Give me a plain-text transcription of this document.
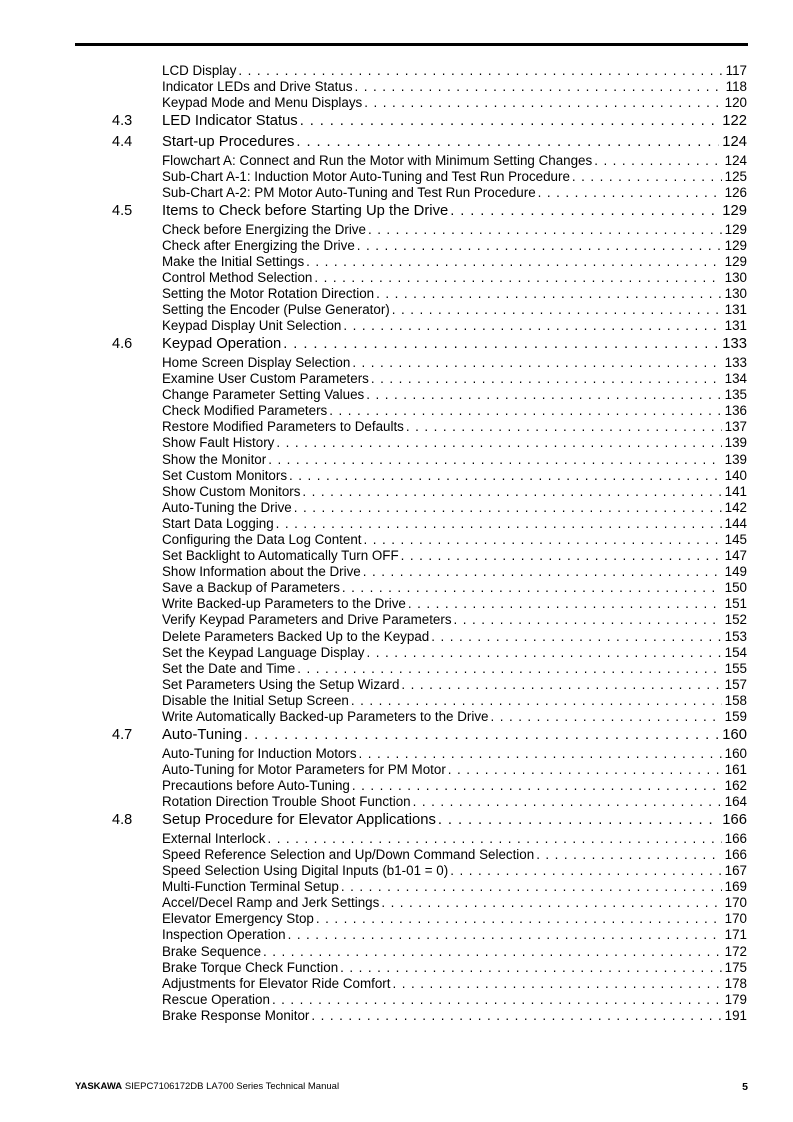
LCD Display . . .	117
Indicator LEDs and Drive Status . . .	118
Keypad Mode and Menu Displays . . .	120
4.3 LED Indicator Status . . .	122
4.4 Start-up Procedures . . .	124
Flowchart A: Connect and Run the Motor with Minimum Setting Changes . . .	124
Sub-Chart A-1: Induction Motor Auto-Tuning and Test Run Procedure . . .	125
Sub-Chart A-2: PM Motor Auto-Tuning and Test Run Procedure . . .	126
4.5 Items to Check before Starting Up the Drive . . .	129
Check before Energizing the Drive . . .	129
Check after Energizing the Drive . . .	129
Make the Initial Settings . . .	129
Control Method Selection . . .	130
Setting the Motor Rotation Direction . . .	130
Setting the Encoder (Pulse Generator) . . .	131
Keypad Display Unit Selection . . .	131
4.6 Keypad Operation . . .	133
Home Screen Display Selection . . .	133
Examine User Custom Parameters . . .	134
Change Parameter Setting Values . . .	135
Check Modified Parameters . . .	136
Restore Modified Parameters to Defaults . . .	137
Show Fault History . . .	139
Show the Monitor . . .	139
Set Custom Monitors . . .	140
Show Custom Monitors . . .	141
Auto-Tuning the Drive . . .	142
Start Data Logging . . .	144
Configuring the Data Log Content . . .	145
Set Backlight to Automatically Turn OFF . . .	147
Show Information about the Drive . . .	149
Save a Backup of Parameters . . .	150
Write Backed-up Parameters to the Drive . . .	151
Verify Keypad Parameters and Drive Parameters . . .	152
Delete Parameters Backed Up to the Keypad . . .	153
Set the Keypad Language Display . . .	154
Set the Date and Time . . .	155
Set Parameters Using the Setup Wizard . . .	157
Disable the Initial Setup Screen . . .	158
Write Automatically Backed-up Parameters to the Drive . . .	159
4.7 Auto-Tuning . . .	160
Auto-Tuning for Induction Motors . . .	160
Auto-Tuning for Motor Parameters for PM Motor . . .	161
Precautions before Auto-Tuning . . .	162
Rotation Direction Trouble Shoot Function . . .	164
4.8 Setup Procedure for Elevator Applications . . .	166
External Interlock . . .	166
Speed Reference Selection and Up/Down Command Selection . . .	166
Speed Selection Using Digital Inputs (b1-01 = 0) . . .	167
Multi-Function Terminal Setup . . .	169
Accel/Decel Ramp and Jerk Settings . . .	170
Elevator Emergency Stop . . .	170
Inspection Operation . . .	171
Brake Sequence . . .	172
Brake Torque Check Function . . .	175
Adjustments for Elevator Ride Comfort . . .	178
Rescue Operation . . .	179
Brake Response Monitor . . .	191
YASKAWA SIEPC7106172DB LA700 Series Technical Manual	5
